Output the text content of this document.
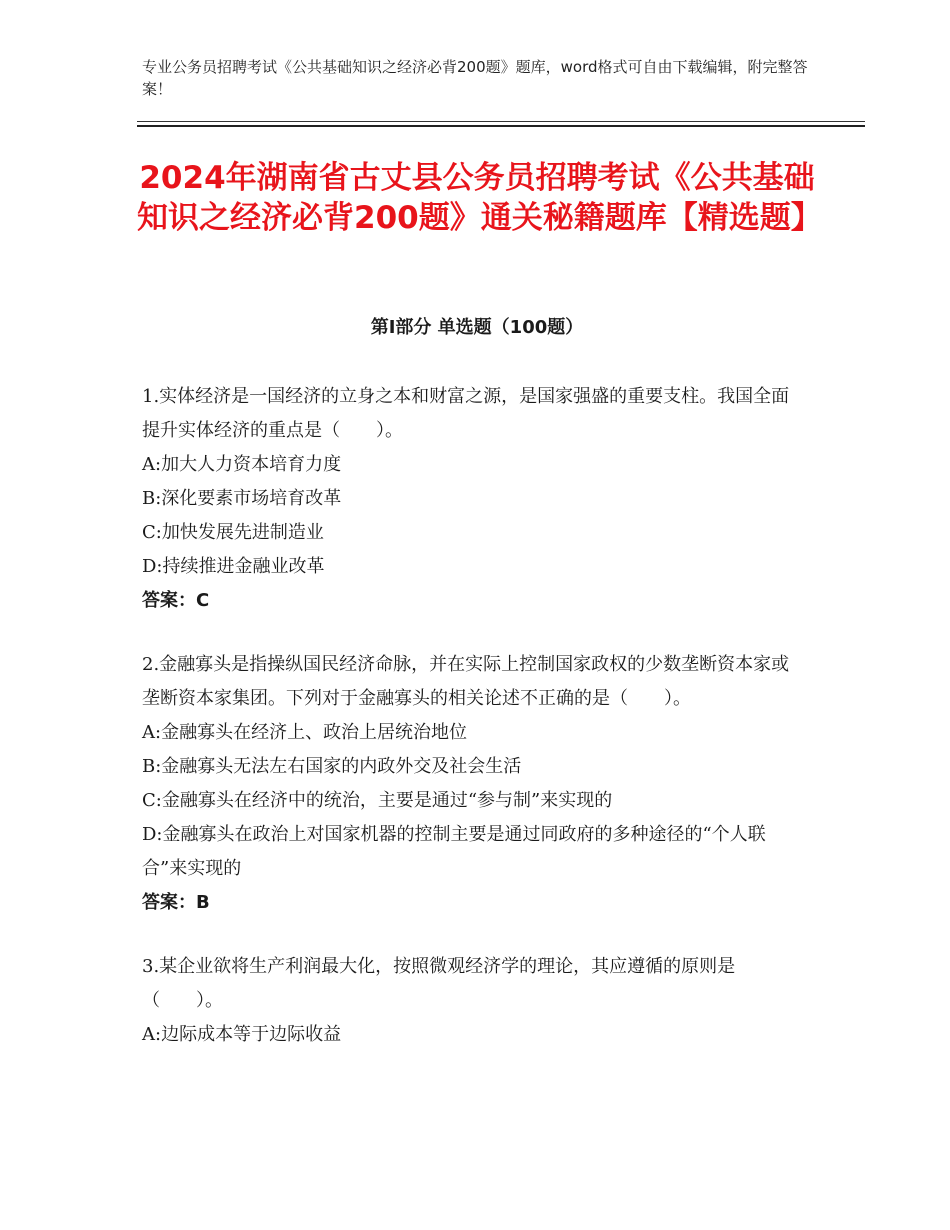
专业公务员招聘考试《公共基础知识之经济必背200题》题库，word格式可自由下载编辑，附完整答案！
2024年湖南省古丈县公务员招聘考试《公共基础知识之经济必背200题》通关秘籍题库【精选题】
第I部分 单选题（100题）

1.实体经济是一国经济的立身之本和财富之源，是国家强盛的重要支柱。我国全面提升实体经济的重点是（　　）。

A:加大人力资本培育力度

B:深化要素市场培育改革

C:加快发展先进制造业

D:持续推进金融业改革

答案：C

2.金融寡头是指操纵国民经济命脉，并在实际上控制国家政权的少数垄断资本家或垄断资本家集团。下列对于金融寡头的相关论述不正确的是（　　）。

A:金融寡头在经济上、政治上居统治地位

B:金融寡头无法左右国家的内政外交及社会生活

C:金融寡头在经济中的统治，主要是通过“参与制”来实现的

D:金融寡头在政治上对国家机器的控制主要是通过同政府的多种途径的“个人联合”来实现的

答案：B

3.某企业欲将生产利润最大化，按照微观经济学的理论，其应遵循的原则是（　　）。

A:边际成本等于边际收益
